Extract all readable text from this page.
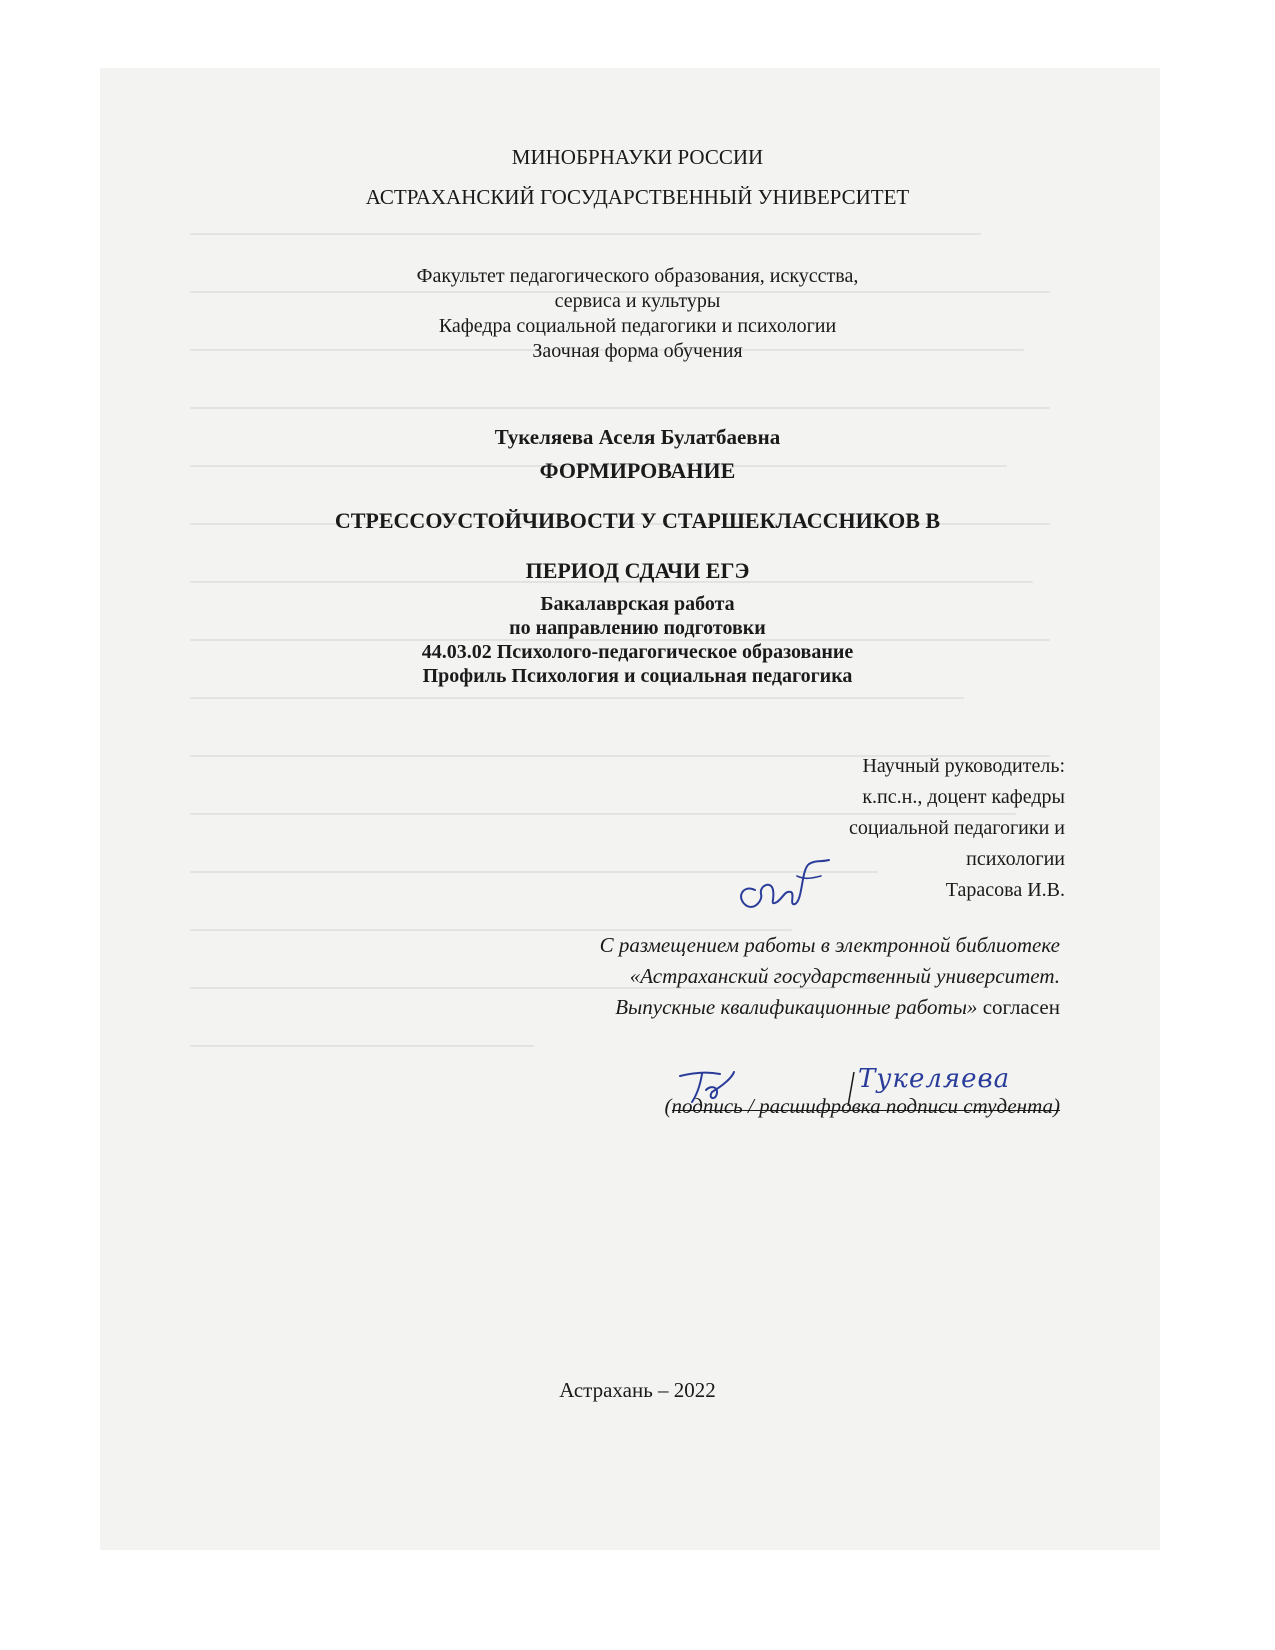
МИНОБРНАУКИ РОССИИ
АСТРАХАНСКИЙ ГОСУДАРСТВЕННЫЙ УНИВЕРСИТЕТ
Факультет педагогического образования, искусства,
сервиса и культуры
Кафедра социальной педагогики и психологии
Заочная форма обучения
Тукеляева Аселя Булатбаевна
ФОРМИРОВАНИЕ
СТРЕССОУСТОЙЧИВОСТИ У СТАРШЕКЛАССНИКОВ В
ПЕРИОД СДАЧИ ЕГЭ
Бакалаврская работа
по направлению подготовки
44.03.02 Психолого-педагогическое образование
Профиль Психология и социальная педагогика
Научный руководитель:
к.пс.н., доцент кафедры
социальной педагогики и
психологии
Тарасова И.В.
С размещением работы в электронной библиотеке
«Астраханский государственный университет.
Выпускные квалификационные работы» согласен
Тукеляева
(подпись / расшифровка подписи студента)
Астрахань – 2022
